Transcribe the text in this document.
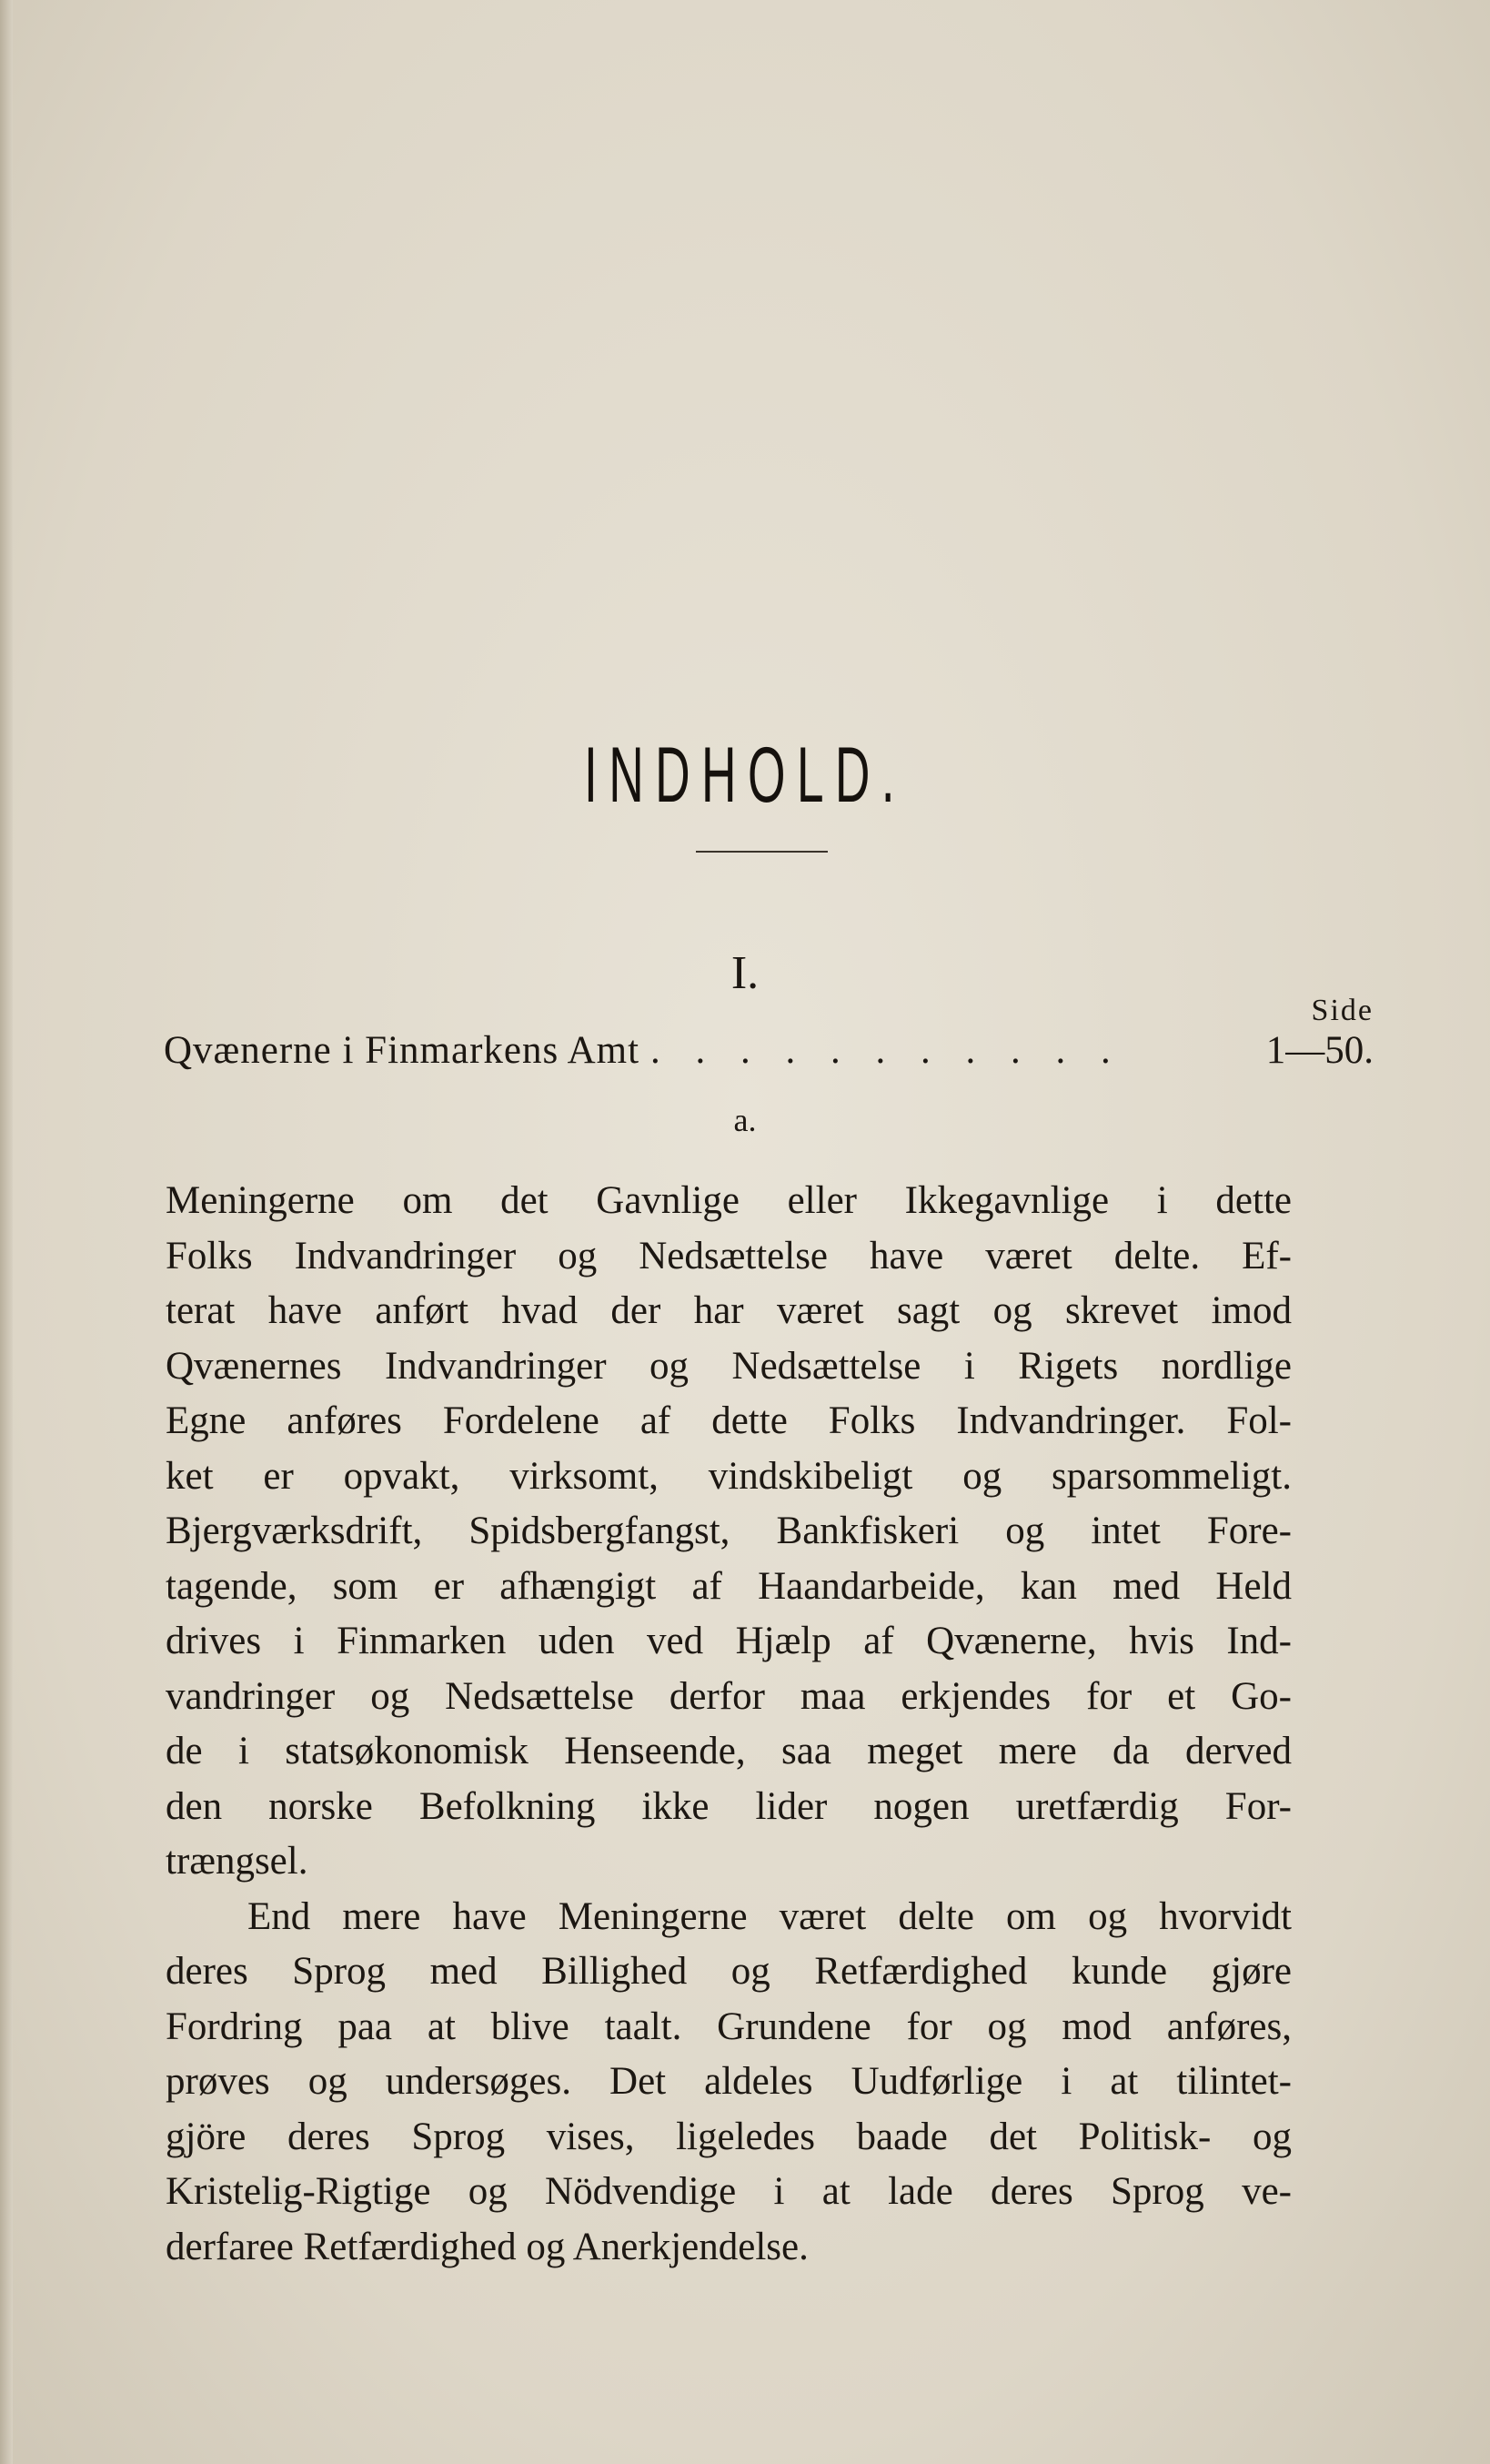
INDHOLD.
I.
Side
Qvænerne i Finmarkens Amt . . . . . . . . . . .	1—50.
a.
Meningerne om det Gavnlige eller Ikkegavnlige i dette
Folks Indvandringer og Nedsættelse have været delte. Ef-
terat have anført hvad der har været sagt og skrevet imod
Qvænernes Indvandringer og Nedsættelse i Rigets nordlige
Egne anføres Fordelene af dette Folks Indvandringer. Fol-
ket er opvakt, virksomt, vindskibeligt og sparsommeligt.
Bjergværksdrift, Spidsbergfangst, Bankfiskeri og intet Fore-
tagende, som er afhængigt af Haandarbeide, kan med Held
drives i Finmarken uden ved Hjælp af Qvænerne, hvis Ind-
vandringer og Nedsættelse derfor maa erkjendes for et Go-
de i statsøkonomisk Henseende, saa meget mere da derved
den norske Befolkning ikke lider nogen uretfærdig For-
trængsel.
End mere have Meningerne været delte om og hvorvidt
deres Sprog med Billighed og Retfærdighed kunde gjøre
Fordring paa at blive taalt. Grundene for og mod anføres,
prøves og undersøges. Det aldeles Uudførlige i at tilintet-
gjöre deres Sprog vises, ligeledes baade det Politisk- og
Kristelig-Rigtige og Nödvendige i at lade deres Sprog ve-
derfaree Retfærdighed og Anerkjendelse.
